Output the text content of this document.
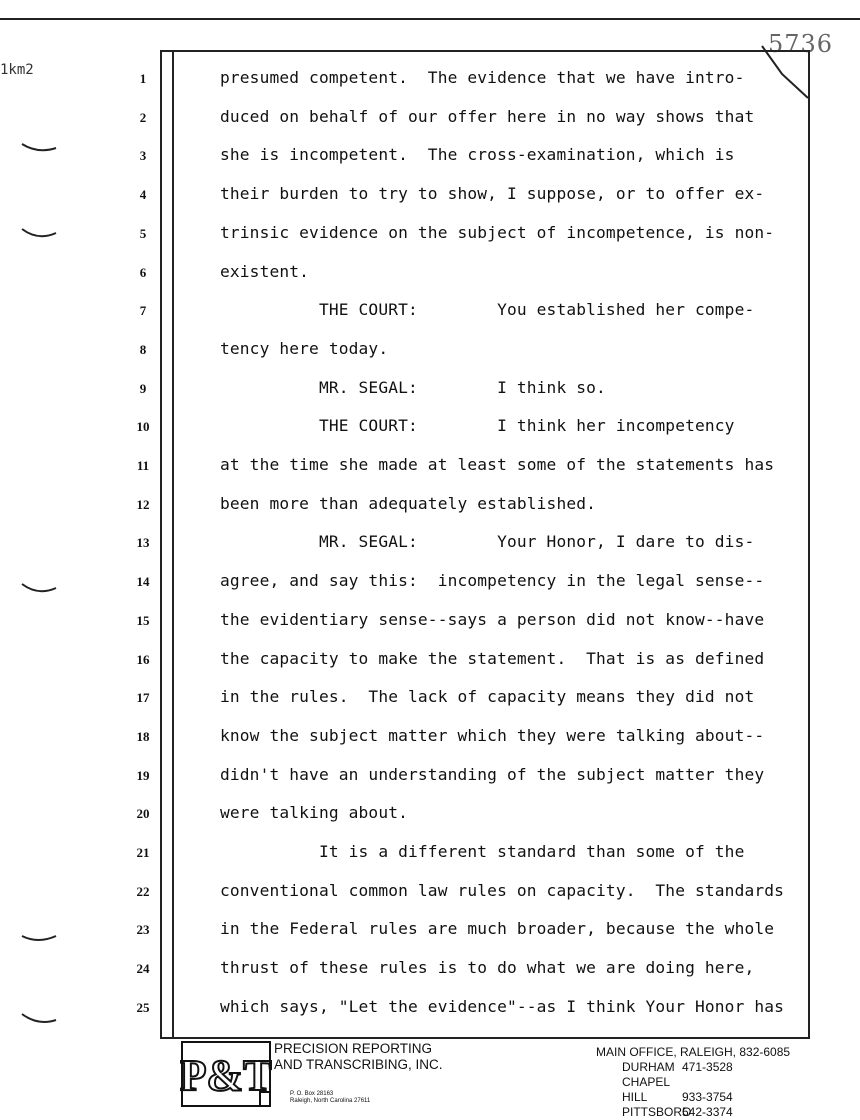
5736
1km2
1	presumed competent.  The evidence that we have intro-
2	duced on behalf of our offer here in no way shows that
3	she is incompetent.  The cross-examination, which is
4	their burden to try to show, I suppose, or to offer ex-
5	trinsic evidence on the subject of incompetence, is non-
6	existent.
7	THE COURT:        You established her compe-
8	tency here today.
9	MR. SEGAL:        I think so.
10	THE COURT:        I think her incompetency
11	at the time she made at least some of the statements has
12	been more than adequately established.
13	MR. SEGAL:        Your Honor, I dare to dis-
14	agree, and say this:  incompetency in the legal sense--
15	the evidentiary sense--says a person did not know--have
16	the capacity to make the statement.  That is as defined
17	in the rules.  The lack of capacity means they did not
18	know the subject matter which they were talking about--
19	didn't have an understanding of the subject matter they
20	were talking about.
21	It is a different standard than some of the
22	conventional common law rules on capacity.  The standards
23	in the Federal rules are much broader, because the whole
24	thrust of these rules is to do what we are doing here,
25	which says, "Let the evidence"--as I think Your Honor has
P&T
PRECISION REPORTING
AND TRANSCRIBING, INC.
P. O. Box 28163
Raleigh, North Carolina 27611
MAIN OFFICE, RALEIGH, 832-6085
DURHAM 471-3528
CHAPEL HILL	933-3754
PITTSBORO542-3374
